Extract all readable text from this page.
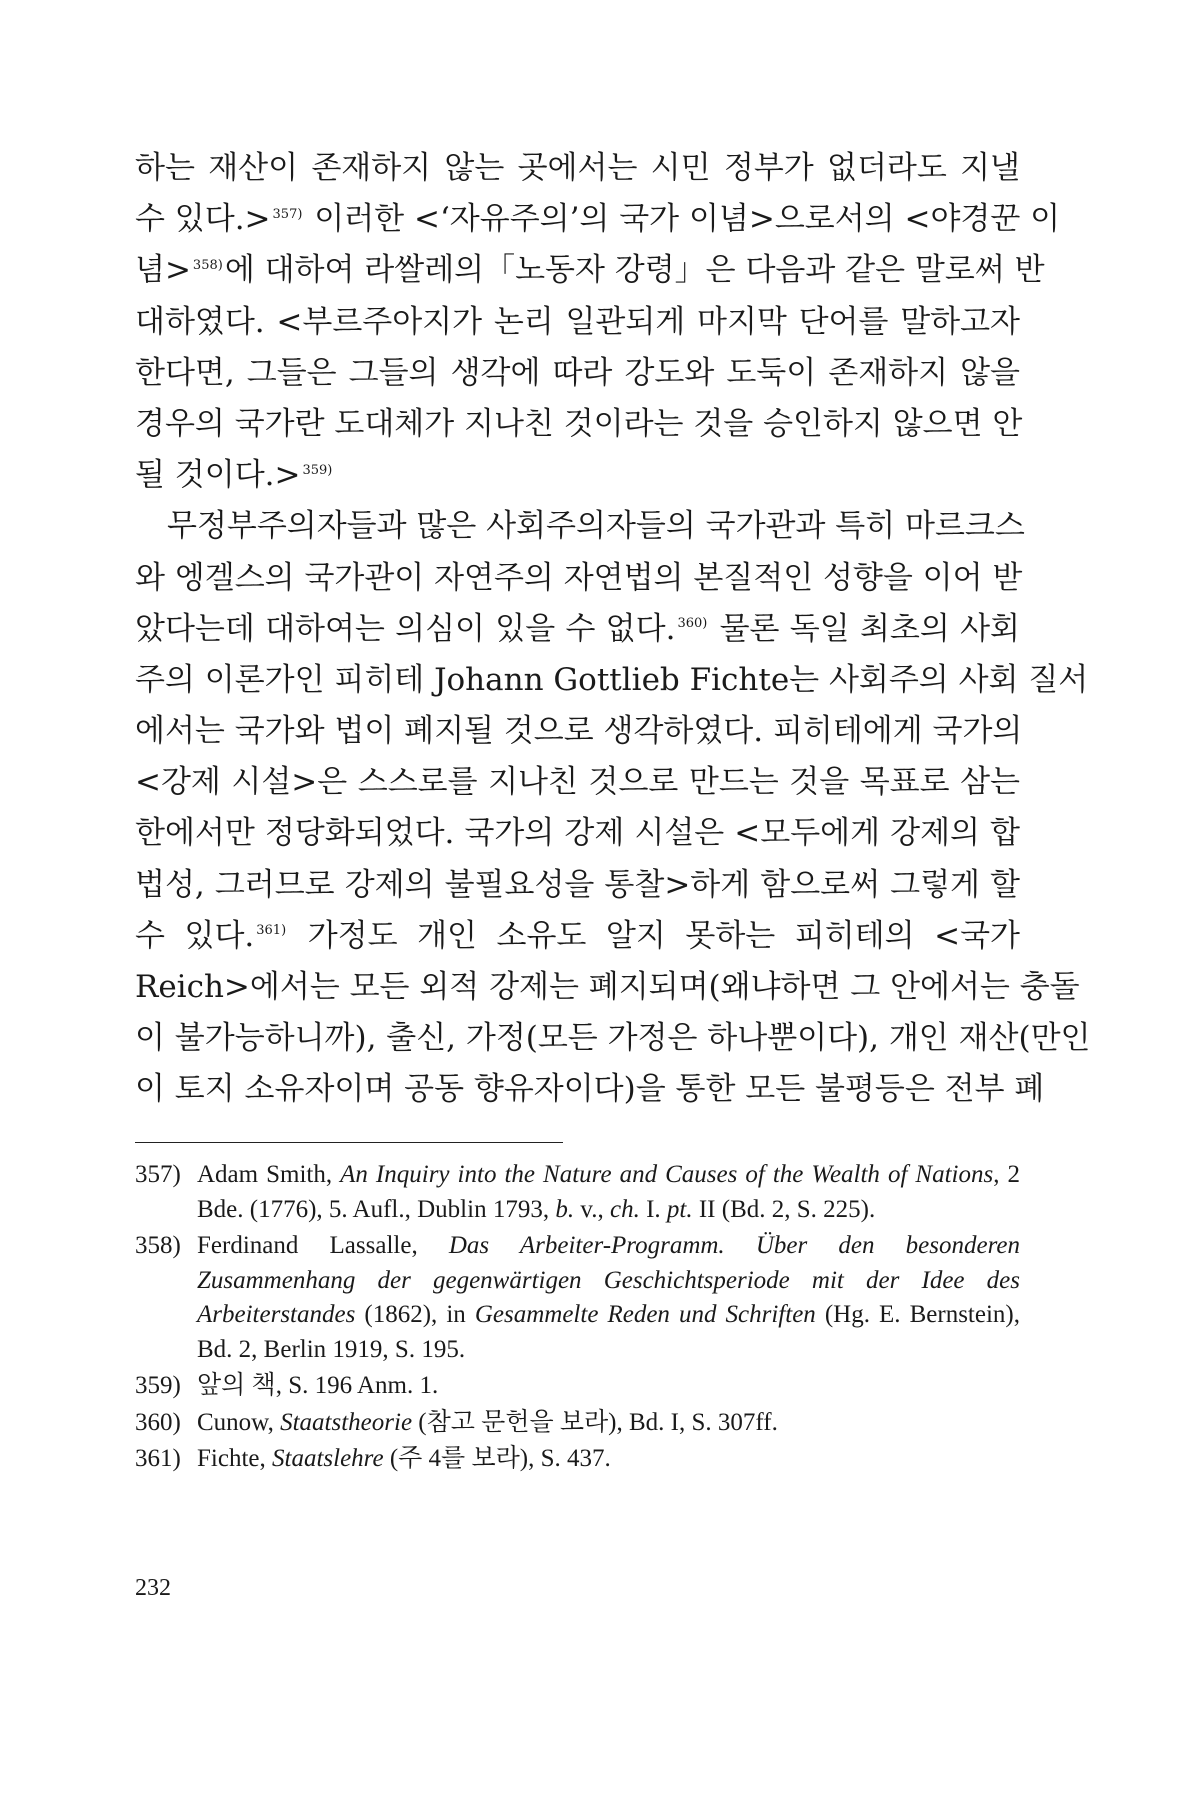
하는 재산이 존재하지 않는 곳에서는 시민 정부가 없더라도 지낼
수 있다.> $^{357)}$ 이러한 <‘자유주의’의 국가 이념>으로서의 <야경꾼 이
념> $^{358)}$에 대하여 라쌀레의「노동자 강령」은 다음과 같은 말로써 반
대하였다. <부르주아지가 논리 일관되게 마지막 단어를 말하고자
한다면, 그들은 그들의 생각에 따라 강도와 도둑이 존재하지 않을
경우의 국가란 도대체가 지나친 것이라는 것을 승인하지 않으면 안
될 것이다.> $^{359)}$
무정부주의자들과 많은 사회주의자들의 국가관과 특히 마르크스
와 엥겔스의 국가관이 자연주의 자연법의 본질적인 성향을 이어 받
았다는데 대하여는 의심이 있을 수 없다. $^{360)}$ 물론 독일 최초의 사회
주의 이론가인 피히테 Johann Gottlieb Fichte는 사회주의 사회 질서
에서는 국가와 법이 폐지될 것으로 생각하였다. 피히테에게 국가의
<강제 시설>은 스스로를 지나친 것으로 만드는 것을 목표로 삼는
한에서만 정당화되었다. 국가의 강제 시설은 <모두에게 강제의 합
법성, 그러므로 강제의 불필요성을 통찰>하게 함으로써 그렇게 할
수 있다. $^{361)}$ 가정도 개인 소유도 알지 못하는 피히테의 <국가
Reich>에서는 모든 외적 강제는 폐지되며(왜냐하면 그 안에서는 충돌
이 불가능하니까), 출신, 가정(모든 가정은 하나뿐이다), 개인 재산(만인
이 토지 소유자이며 공동 향유자이다)을 통한 모든 불평등은 전부 폐
357) Adam Smith, An Inquiry into the Nature and Causes of the Wealth of Nations, 2 Bde. (1776), 5. Aufl., Dublin 1793, b. v., ch. I. pt. II (Bd. 2, S. 225).
358) Ferdinand Lassalle, Das Arbeiter-Programm. Über den besonderen Zusammenhang der gegenwärtigen Geschichtsperiode mit der Idee des Arbeiterstandes (1862), in Gesammelte Reden und Schriften (Hg. E. Bernstein), Bd. 2, Berlin 1919, S. 195.
359) 앞의 책, S. 196 Anm. 1.
360) Cunow, Staatstheorie (참고 문헌을 보라), Bd. I, S. 307ff.
361) Fichte, Staatslehre (주 4를 보라), S. 437.
232
